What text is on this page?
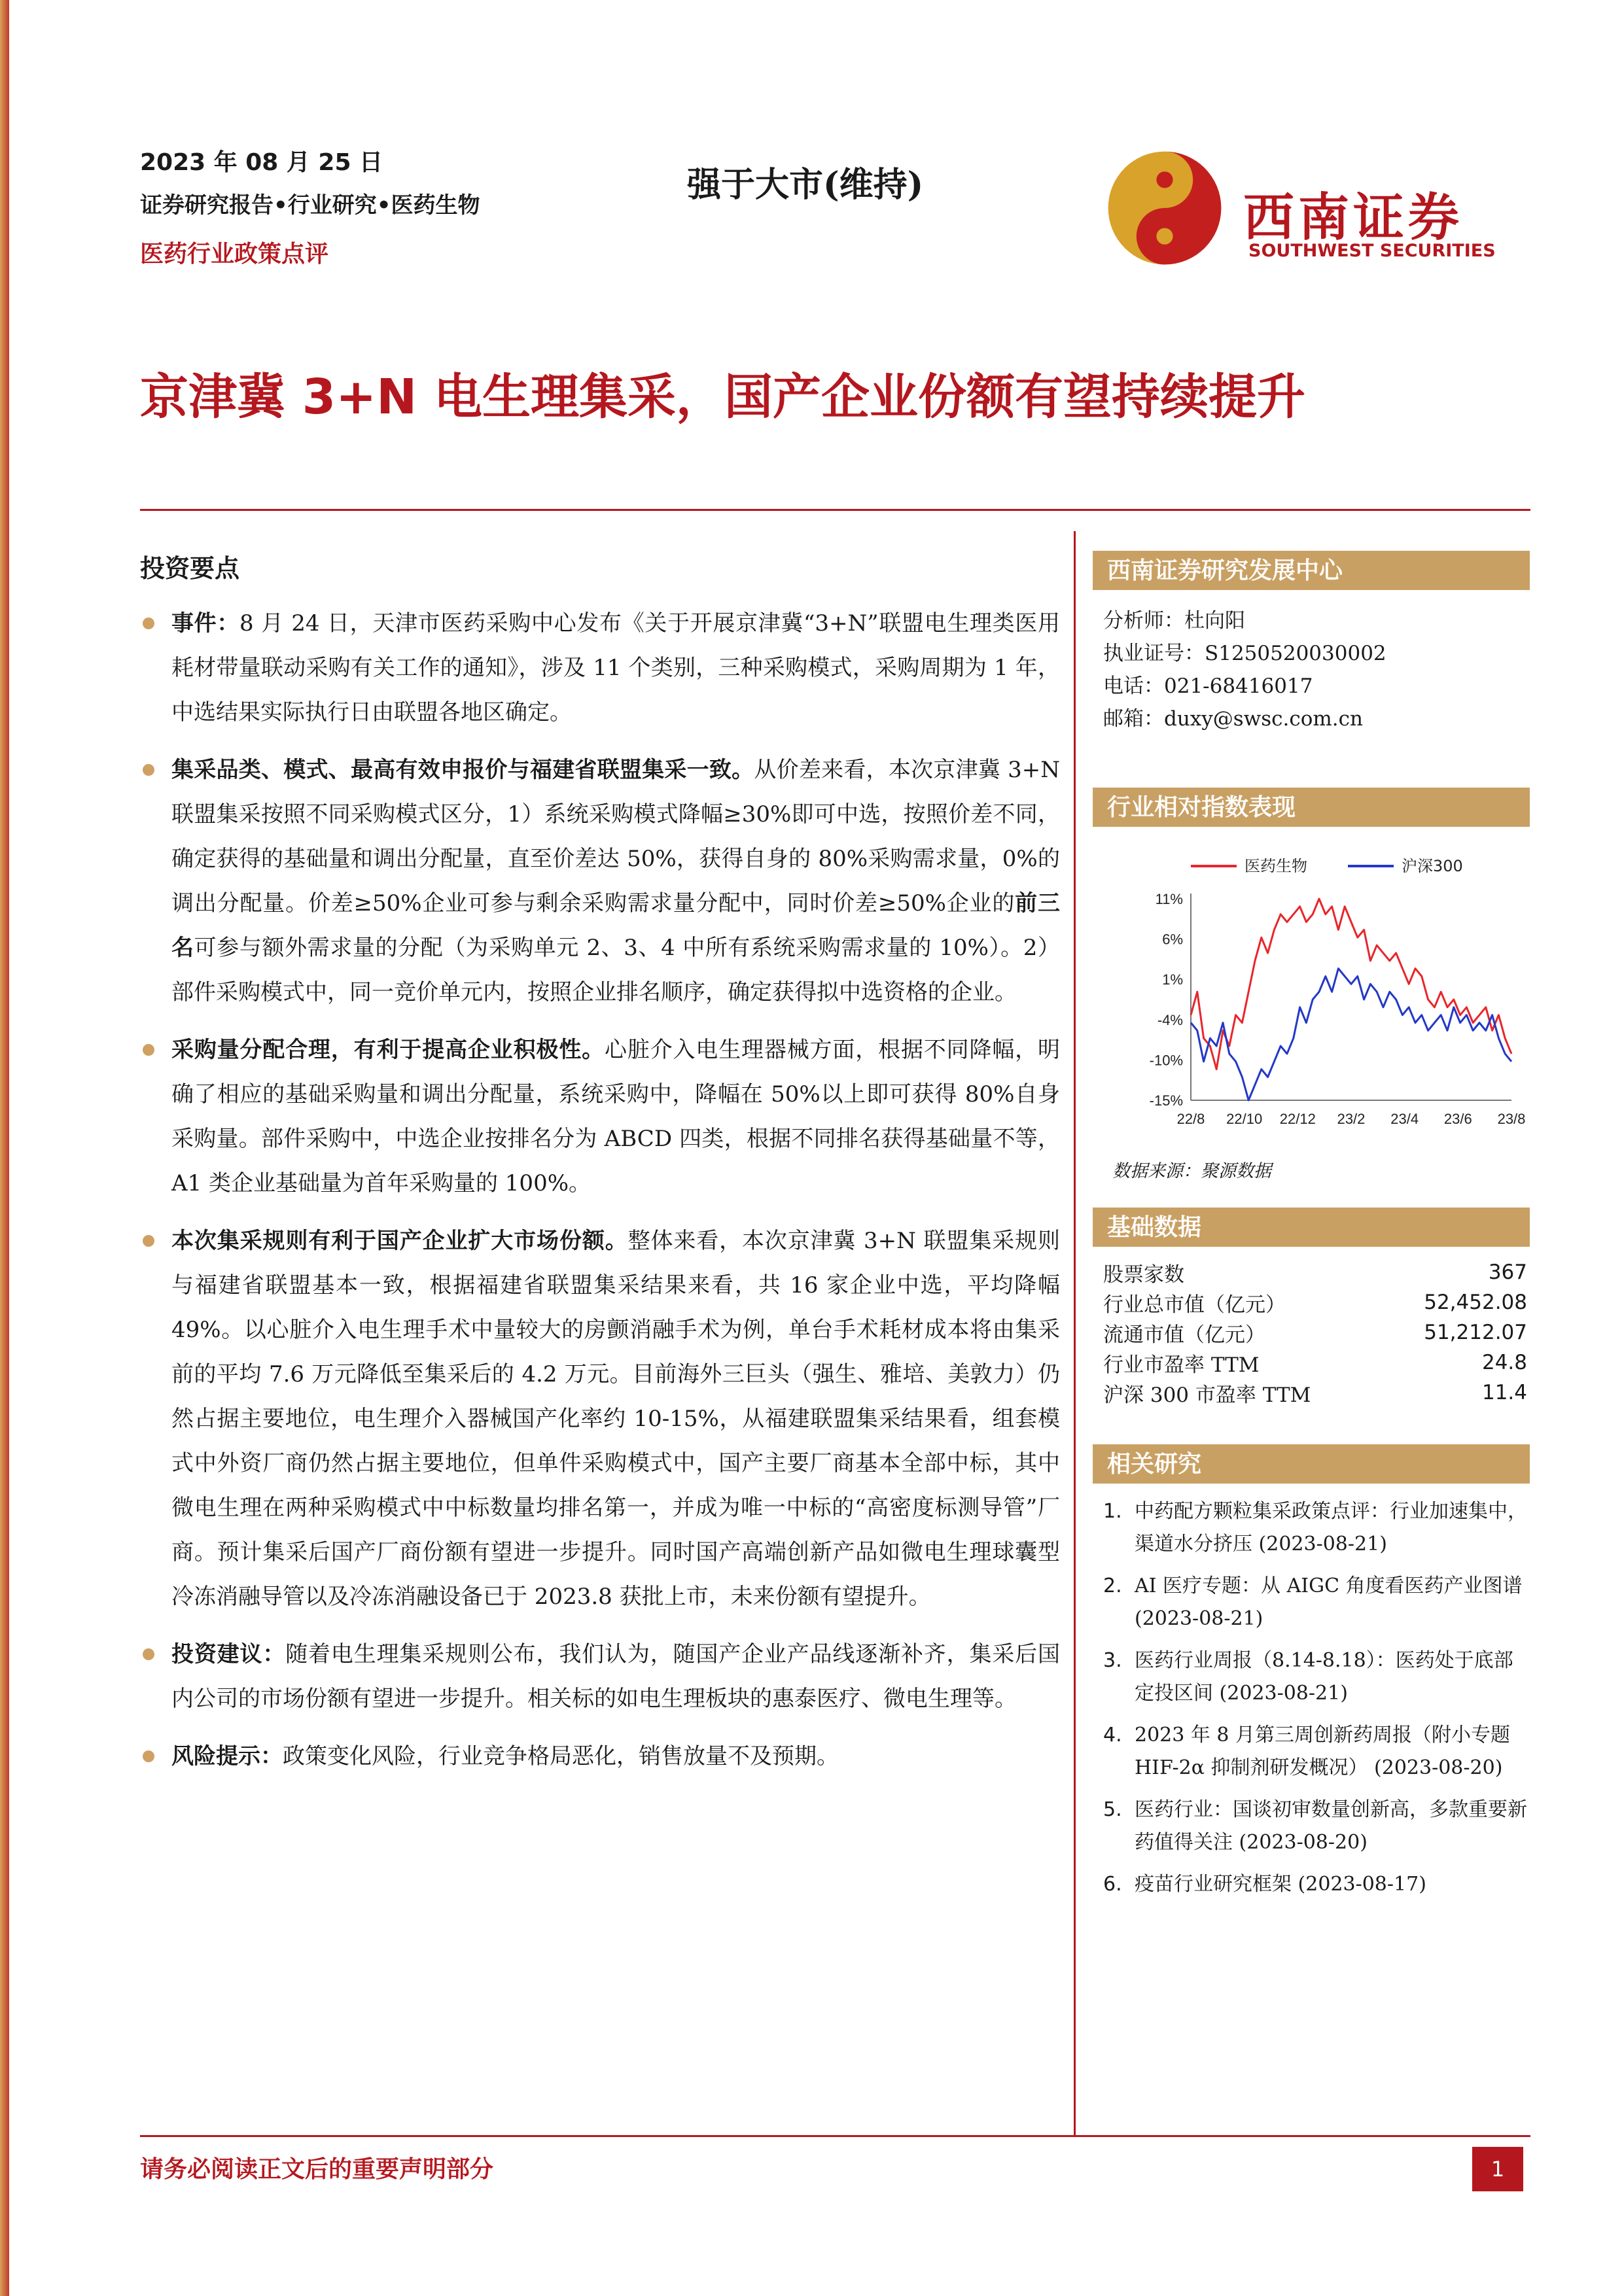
2023 年 08 月 25 日
证券研究报告•行业研究•医药生物
医药行业政策点评
强于大市(维持)
西南证券
SOUTHWEST SECURITIES
京津冀 3+N 电生理集采，国产企业份额有望持续提升
投资要点
事件：8 月 24 日，天津市医药采购中心发布《关于开展京津冀“3+N”联盟电生理类医用耗材带量联动采购有关工作的通知》，涉及 11 个类别，三种采购模式，采购周期为 1 年，中选结果实际执行日由联盟各地区确定。
集采品类、模式、最高有效申报价与福建省联盟集采一致。从价差来看，本次京津冀 3+N 联盟集采按照不同采购模式区分，1）系统采购模式降幅≥30%即可中选，按照价差不同，确定获得的基础量和调出分配量，直至价差达 50%，获得自身的 80%采购需求量，0%的调出分配量。价差≥50%企业可参与剩余采购需求量分配中，同时价差≥50%企业的前三名可参与额外需求量的分配（为采购单元 2、3、4 中所有系统采购需求量的 10%）。2）部件采购模式中，同一竞价单元内，按照企业排名顺序，确定获得拟中选资格的企业。
采购量分配合理，有利于提高企业积极性。心脏介入电生理器械方面，根据不同降幅，明确了相应的基础采购量和调出分配量，系统采购中，降幅在 50%以上即可获得 80%自身采购量。部件采购中，中选企业按排名分为 ABCD 四类，根据不同排名获得基础量不等，A1 类企业基础量为首年采购量的 100%。
本次集采规则有利于国产企业扩大市场份额。整体来看，本次京津冀 3+N 联盟集采规则与福建省联盟基本一致，根据福建省联盟集采结果来看，共 16 家企业中选，平均降幅 49%。以心脏介入电生理手术中量较大的房颤消融手术为例，单台手术耗材成本将由集采前的平均 7.6 万元降低至集采后的 4.2 万元。目前海外三巨头（强生、雅培、美敦力）仍然占据主要地位，电生理介入器械国产化率约 10-15%，从福建联盟集采结果看，组套模式中外资厂商仍然占据主要地位，但单件采购模式中，国产主要厂商基本全部中标，其中微电生理在两种采购模式中中标数量均排名第一，并成为唯一中标的“高密度标测导管”厂商。预计集采后国产厂商份额有望进一步提升。同时国产高端创新产品如微电生理球囊型冷冻消融导管以及冷冻消融设备已于 2023.8 获批上市，未来份额有望提升。
投资建议：随着电生理集采规则公布，我们认为，随国产企业产品线逐渐补齐，集采后国内公司的市场份额有望进一步提升。相关标的如电生理板块的惠泰医疗、微电生理等。
风险提示：政策变化风险，行业竞争格局恶化，销售放量不及预期。
西南证券研究发展中心
分析师：杜向阳
执业证号：S1250520030002
电话：021-68416017
邮箱：duxy@swsc.com.cn
行业相对指数表现
11%
6%
1%
-4%
-10%
-15%
22/8 22/10 22/12 23/2 23/4 23/6 23/8
医药生物	沪深300
数据来源：聚源数据
基础数据
股票家数	367
行业总市值（亿元）	52,452.08
流通市值（亿元）	51,212.07
行业市盈率 TTM	24.8
沪深 300 市盈率 TTM	11.4
相关研究
1. 中药配方颗粒集采政策点评：行业加速集中，渠道水分挤压 (2023-08-21)
2. AI 医疗专题：从 AIGC 角度看医药产业图谱 (2023-08-21)
3. 医药行业周报（8.14-8.18）：医药处于底部定投区间 (2023-08-21)
4. 2023 年 8 月第三周创新药周报（附小专题 HIF-2α 抑制剂研发概况） (2023-08-20)
5. 医药行业：国谈初审数量创新高，多款重要新药值得关注 (2023-08-20)
6. 疫苗行业研究框架 (2023-08-17)
请务必阅读正文后的重要声明部分	1
